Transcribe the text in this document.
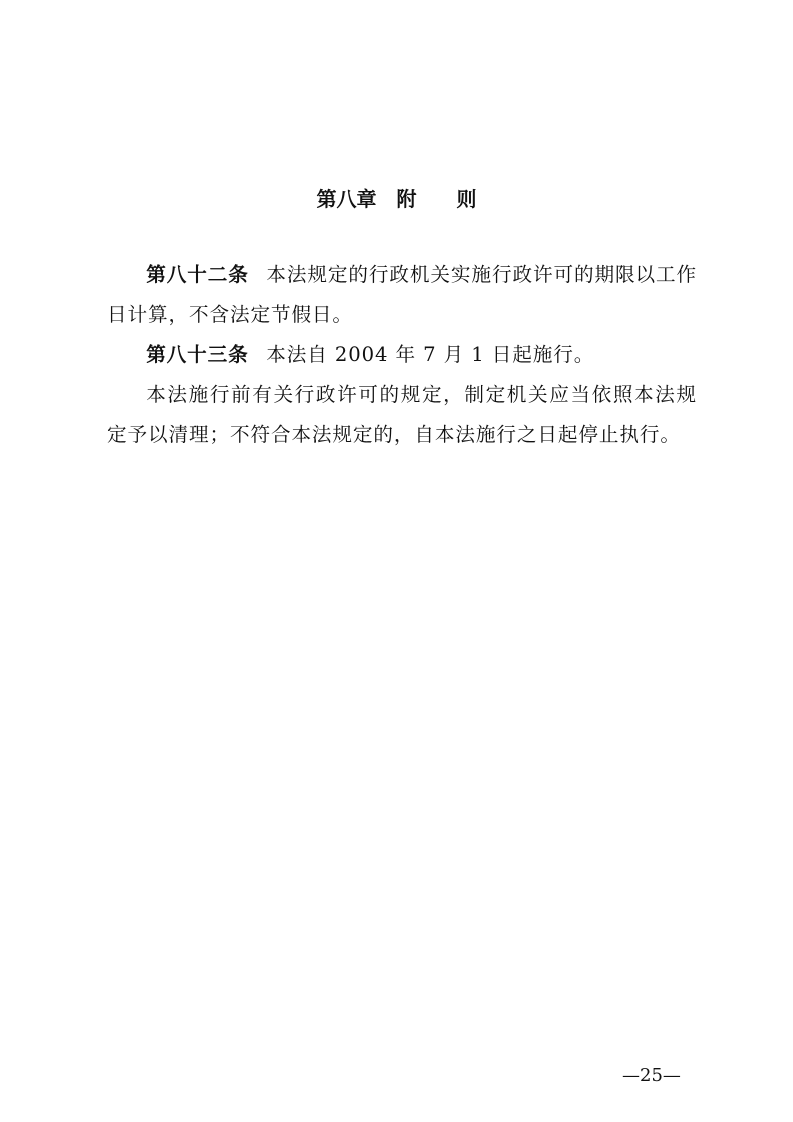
第八章　附　　则

第八十二条 本法规定的行政机关实施行政许可的期限以工作日计算，不含法定节假日。

第八十三条 本法自 2004 年 7 月 1 日起施行。

本法施行前有关行政许可的规定，制定机关应当依照本法规定予以清理；不符合本法规定的，自本法施行之日起停止执行。

—25—
